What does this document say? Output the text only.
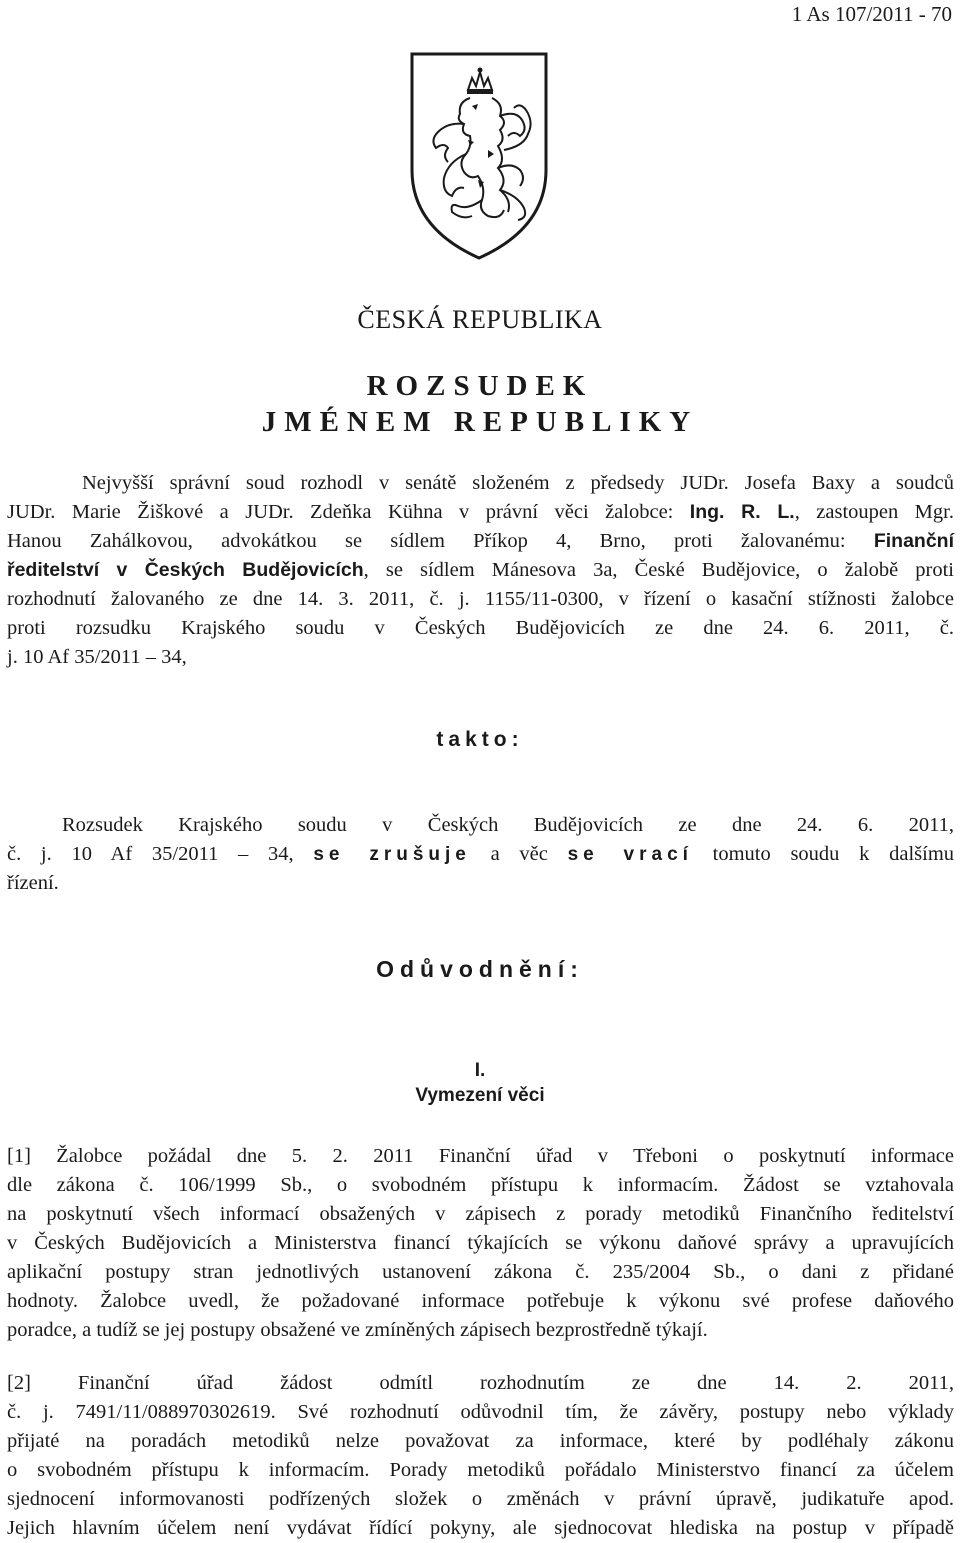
1 As 107/2011 - 70
ČESKÁ REPUBLIKA
ROZSUDEK
JMÉNEM REPUBLIKY
Nejvyšší správní soud rozhodl v senátě složeném z předsedy JUDr. Josefa Baxy a soudců
JUDr. Marie Žiškové a JUDr. Zdeňka Kühna v právní věci žalobce: Ing. R. L., zastoupen Mgr.
Hanou Zahálkovou, advokátkou se sídlem Příkop 4, Brno, proti žalovanému: Finanční
ředitelství v Českých Budějovicích, se sídlem Mánesova 3a, České Budějovice, o žalobě proti
rozhodnutí žalovaného ze dne 14. 3. 2011, č. j. 1155/11-0300, v řízení o kasační stížnosti žalobce
proti rozsudku Krajského soudu v Českých Budějovicích ze dne 24. 6. 2011, č.
j. 10 Af 35/2011 – 34,
takto:
Rozsudek Krajského soudu v Českých Budějovicích ze dne 24. 6. 2011,
č. j. 10 Af 35/2011 – 34, se zrušuje a věc se vrací tomuto soudu k dalšímu
řízení.
Odůvodnění:
I.
Vymezení věci
[1] Žalobce požádal dne 5. 2. 2011 Finanční úřad v Třeboni o poskytnutí informace
dle zákona č. 106/1999 Sb., o svobodném přístupu k informacím. Žádost se vztahovala
na poskytnutí všech informací obsažených v zápisech z porady metodiků Finančního ředitelství
v Českých Budějovicích a Ministerstva financí týkajících se výkonu daňové správy a upravujících
aplikační postupy stran jednotlivých ustanovení zákona č. 235/2004 Sb., o dani z přidané
hodnoty. Žalobce uvedl, že požadované informace potřebuje k výkonu své profese daňového
poradce, a tudíž se jej postupy obsažené ve zmíněných zápisech bezprostředně týkají.
[2] Finanční úřad žádost odmítl rozhodnutím ze dne 14. 2. 2011,
č. j. 7491/11/088970302619. Své rozhodnutí odůvodnil tím, že závěry, postupy nebo výklady
přijaté na poradách metodiků nelze považovat za informace, které by podléhaly zákonu
o svobodném přístupu k informacím. Porady metodiků pořádalo Ministerstvo financí za účelem
sjednocení informovanosti podřízených složek o změnách v právní úpravě, judikatuře apod.
Jejich hlavním účelem není vydávat řídící pokyny, ale sjednocovat hlediska na postup v případě
